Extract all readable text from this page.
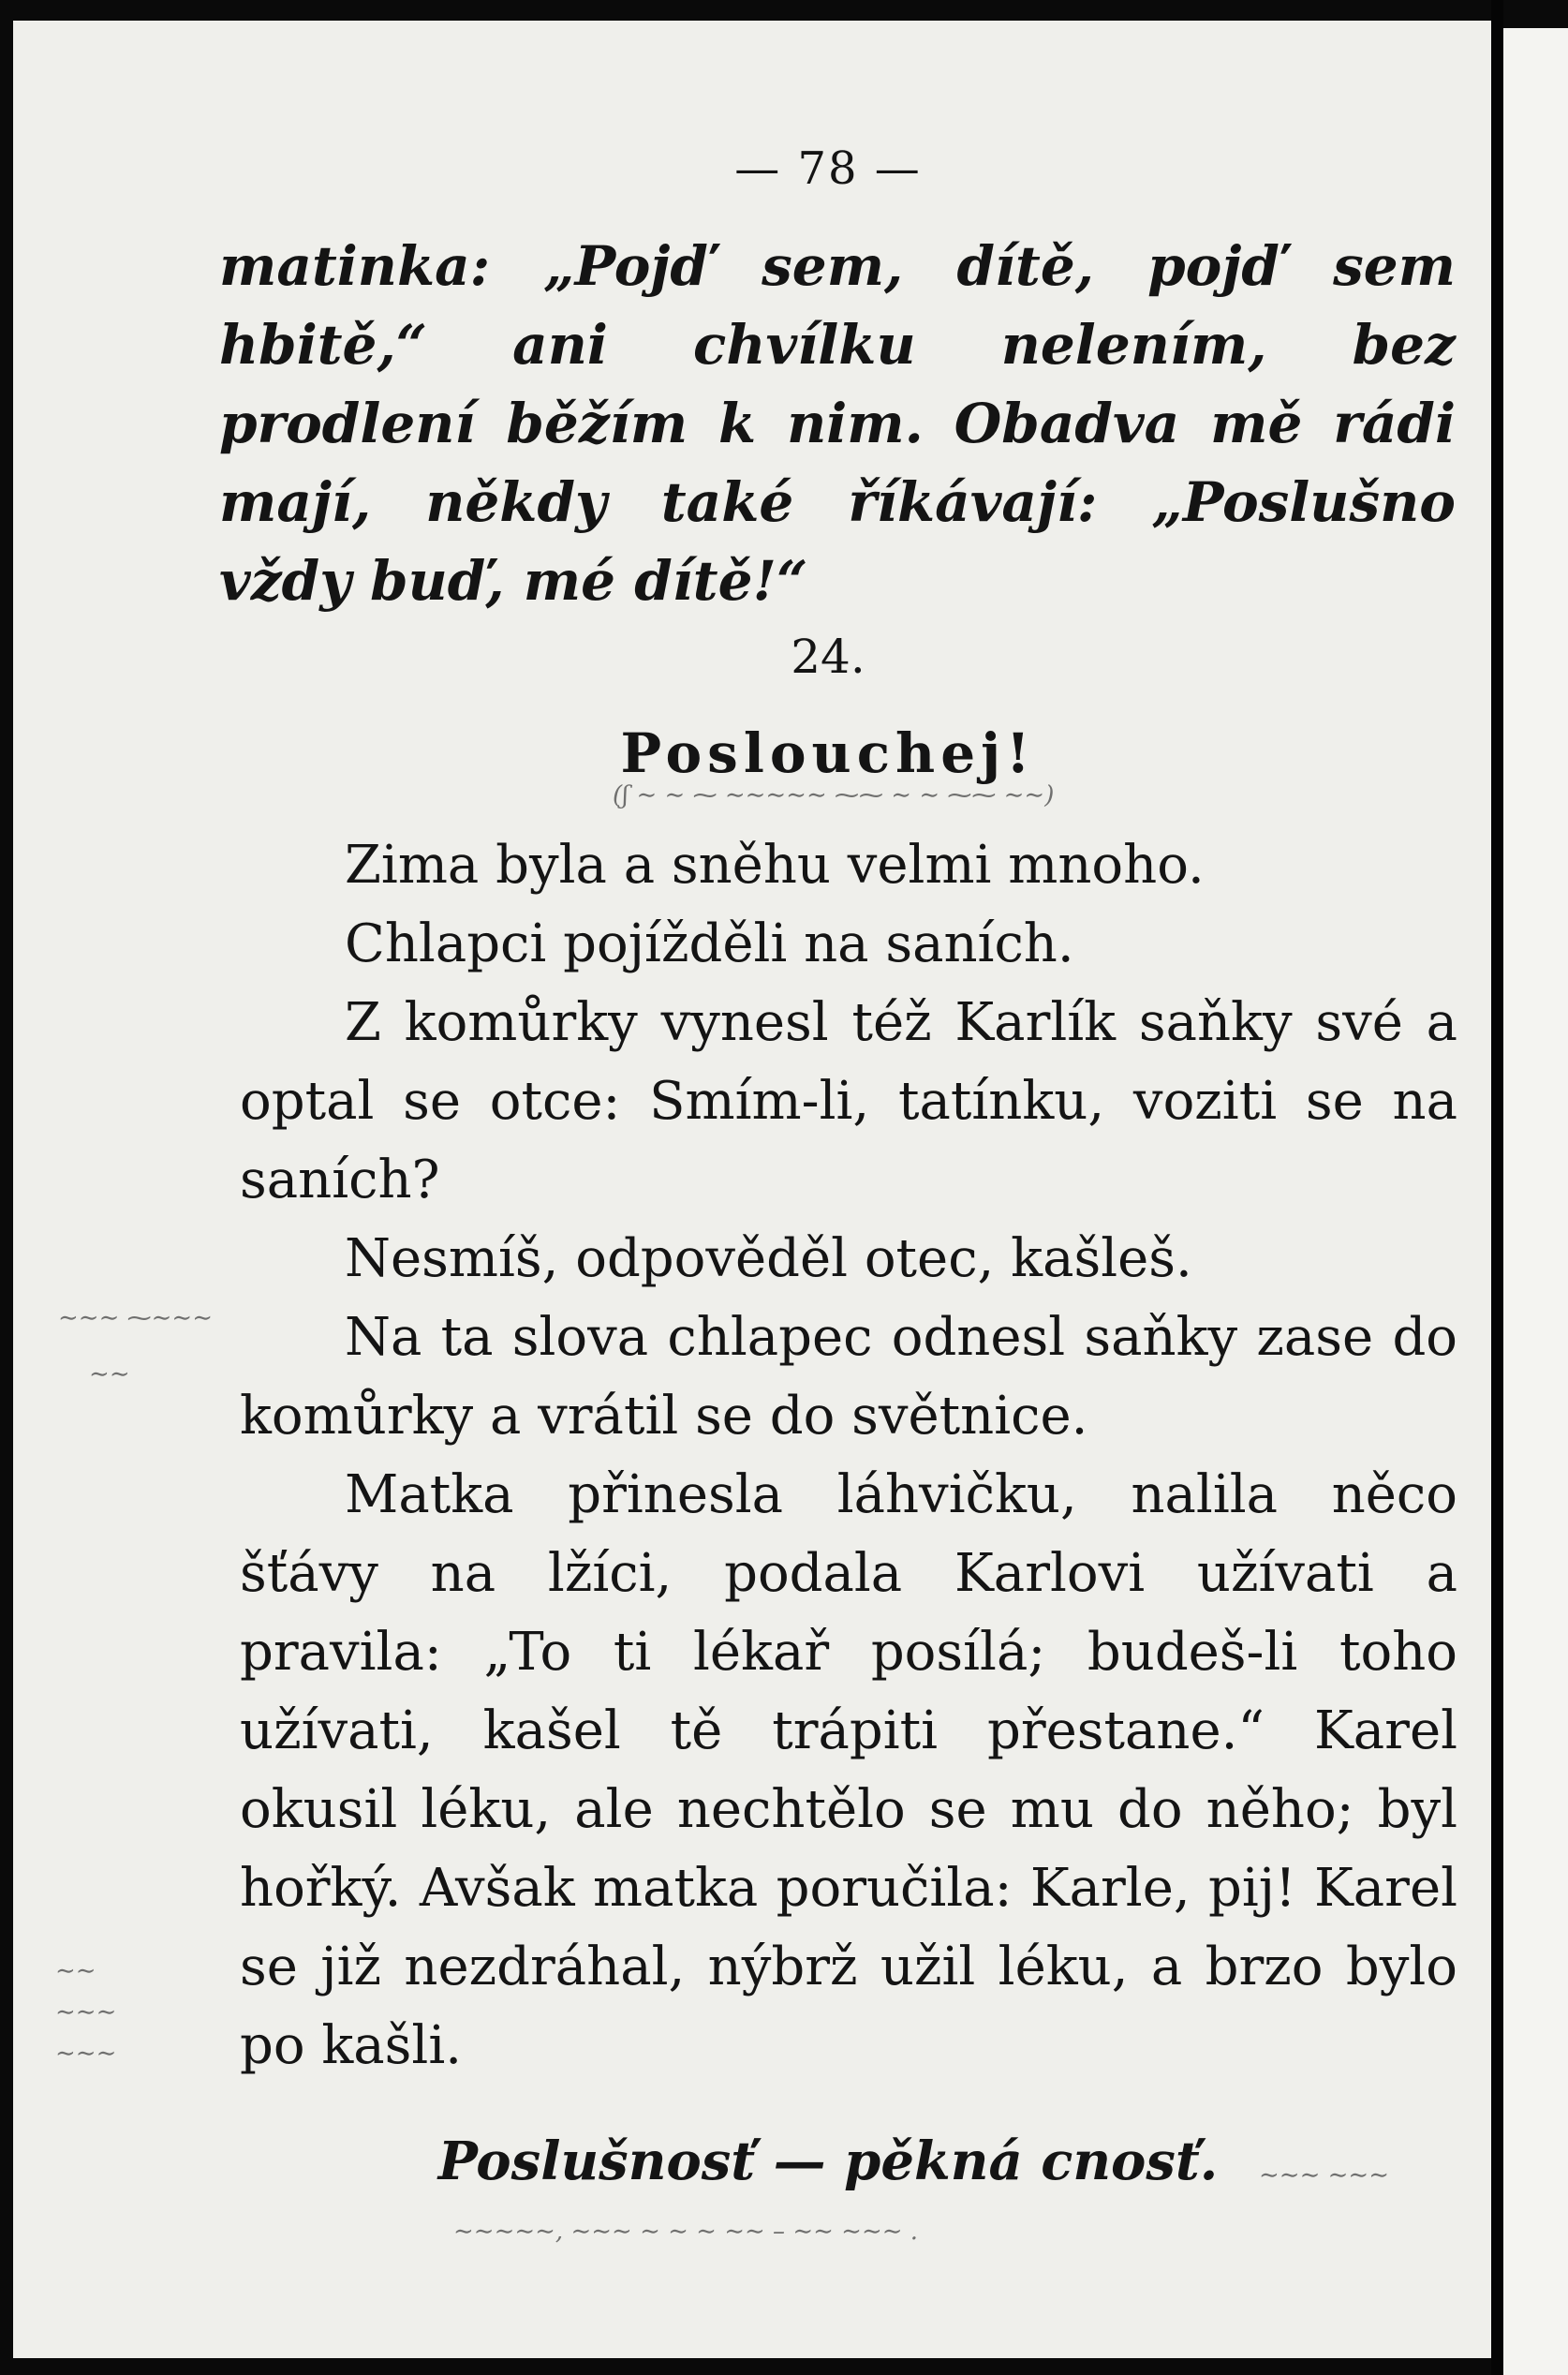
— 78 —
matinka: „Pojď sem, dítě, pojď sem hbitě,“ ani chvílku nelením, bez prodlení běžím k nim. Obadva mě rádi mají, někdy také říkávají: „Poslušno vždy buď, mé dítě!“
24.
Poslouchej!
(ʃ ∼ ∼ ⁓ ∼∼∼∼∼ ⁓⁓ ∼ ∼ ⁓⁓ ∼∼)

Zima byla a sněhu velmi mnoho.

Chlapci pojížděli na saních.

Z komůrky vynesl též Karlík saňky své a optal se otce: Smím-li, tatínku, voziti se na saních?

Nesmíš, odpověděl otec, kašleš.

Na ta slova chlapec odnesl saňky zase do komůrky a vrátil se do světnice.

Matka přinesla láhvičku, nalila něco šťávy na lžíci, podala Karlovi užívati a pravila: „To ti lékař posílá; budeš-li toho užívati, kašel tě trápiti přestane.“ Karel okusil léku, ale nechtělo se mu do něho; byl hořký. Avšak matka poručila: Karle, pij! Karel se již nezdráhal, nýbrž užil léku, a brzo bylo po kašli.

∼∼∼ ⁓∼∼∼
∼∼
∼∼
∼∼∼
∼∼∼
Poslušnosť — pěkná cnosť.	∼∼∼ ∼∼∼
∼∼∼∼∼, ∼∼∼ ∼ ∼ ∼ ∼∼ – ∼∼ ∼∼∼ .
